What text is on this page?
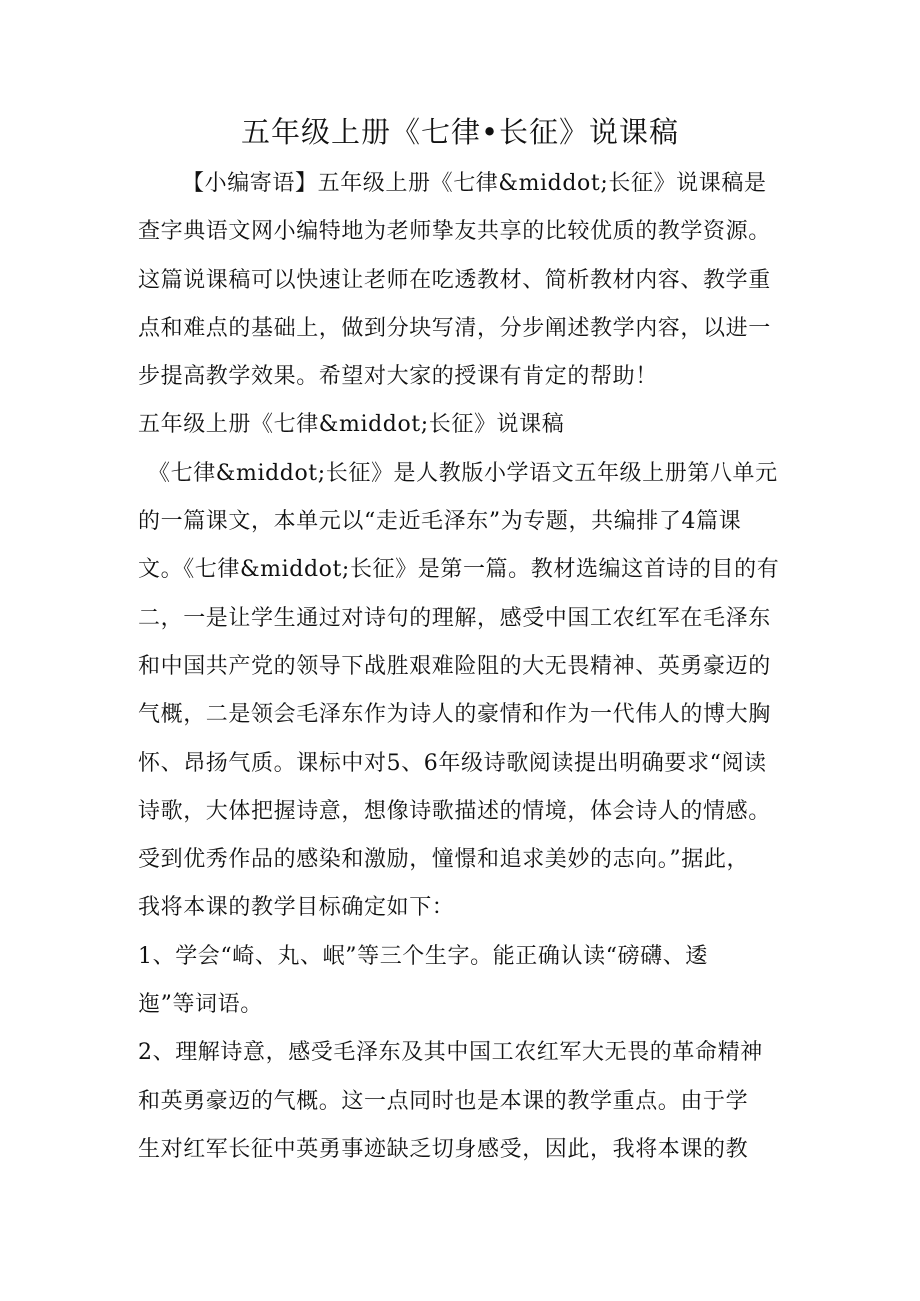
五年级上册《七律•长征》说课稿
【小编寄语】五年级上册《七律&middot;长征》说课稿是
查字典语文网小编特地为老师挚友共享的比较优质的教学资源。
这篇说课稿可以快速让老师在吃透教材、简析教材内容、教学重
点和难点的基础上，做到分块写清，分步阐述教学内容，以进一
步提高教学效果。希望对大家的授课有肯定的帮助！
五年级上册《七律&middot;长征》说课稿
《七律&middot;长征》是人教版小学语文五年级上册第八单元
的一篇课文，本单元以“走近毛泽东”为专题，共编排了4篇课
文。《七律&middot;长征》是第一篇。教材选编这首诗的目的有
二，一是让学生通过对诗句的理解，感受中国工农红军在毛泽东
和中国共产党的领导下战胜艰难险阻的大无畏精神、英勇豪迈的
气概，二是领会毛泽东作为诗人的豪情和作为一代伟人的博大胸
怀、昂扬气质。课标中对5、6年级诗歌阅读提出明确要求“阅读
诗歌，大体把握诗意，想像诗歌描述的情境，体会诗人的情感。
受到优秀作品的感染和激励，憧憬和追求美妙的志向。”据此，
我将本课的教学目标确定如下：
1、学会“崎、丸、岷”等三个生字。能正确认读“磅礴、逶
迤”等词语。
2、理解诗意，感受毛泽东及其中国工农红军大无畏的革命精神
和英勇豪迈的气概。这一点同时也是本课的教学重点。由于学
生对红军长征中英勇事迹缺乏切身感受，因此，我将本课的教
